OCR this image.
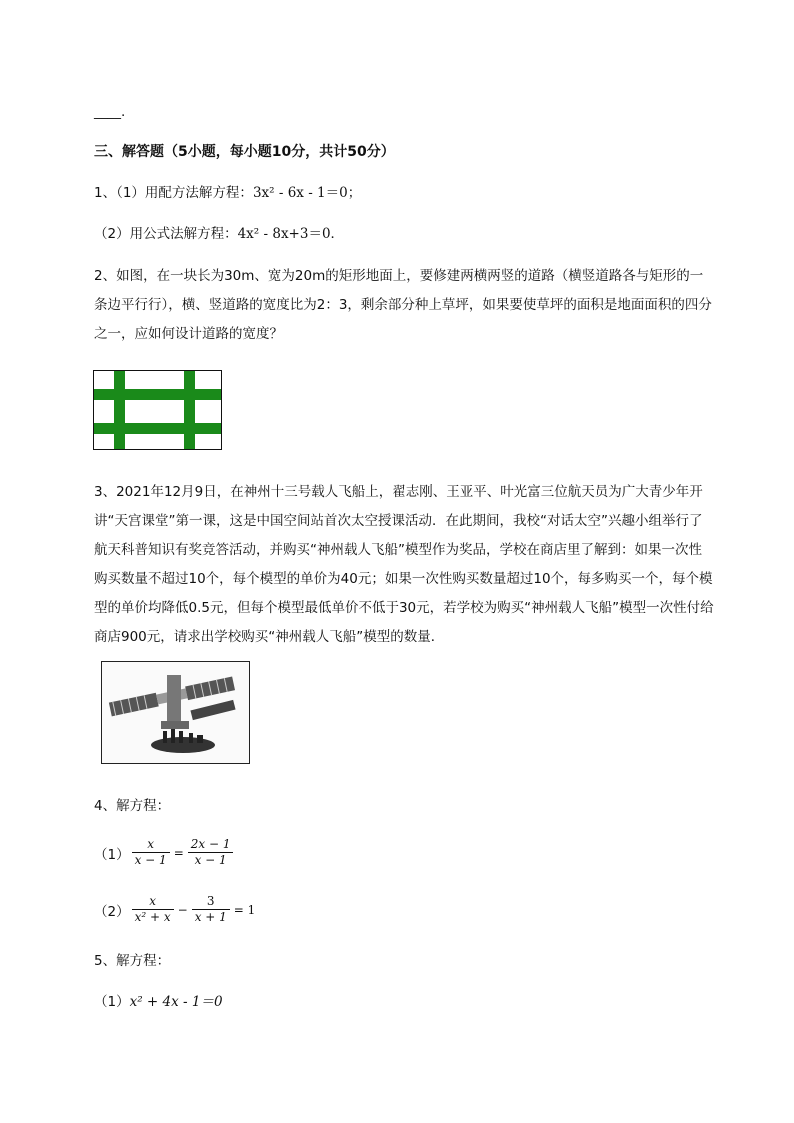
____.
三、解答题（5小题，每小题10分，共计50分）
1、（1）用配方法解方程：3x² - 6x - 1＝0；
（2）用公式法解方程：4x² - 8x+3＝0．
2、如图，在一块长为30m、宽为20m的矩形地面上，要修建两横两竖的道路（横竖道路各与矩形的一条边平行行），横、竖道路的宽度比为2：3，剩余部分种上草坪，如果要使草坪的面积是地面面积的四分之一，应如何设计道路的宽度？
3、2021年12月9日，在神州十三号载人飞船上，翟志刚、王亚平、叶光富三位航天员为广大青少年开讲“天宫课堂”第一课，这是中国空间站首次太空授课活动．在此期间，我校“对话太空”兴趣小组举行了航天科普知识有奖竞答活动，并购买“神州载人飞船”模型作为奖品，学校在商店里了解到：如果一次性购买数量不超过10个，每个模型的单价为40元；如果一次性购买数量超过10个，每多购买一个，每个模型的单价均降低0.5元，但每个模型最低单价不低于30元，若学校为购买“神州载人飞船”模型一次性付给商店900元，请求出学校购买“神州载人飞船”模型的数量．
4、解方程：
$(1) \frac{x}{x - 1} = \frac{2x - 1}{x - 1}$
$(2) \frac{x}{\text{x² + x}} - \frac{3}{x + 1} = 1$
5、解方程：
（1）x² + 4x - 1＝0
